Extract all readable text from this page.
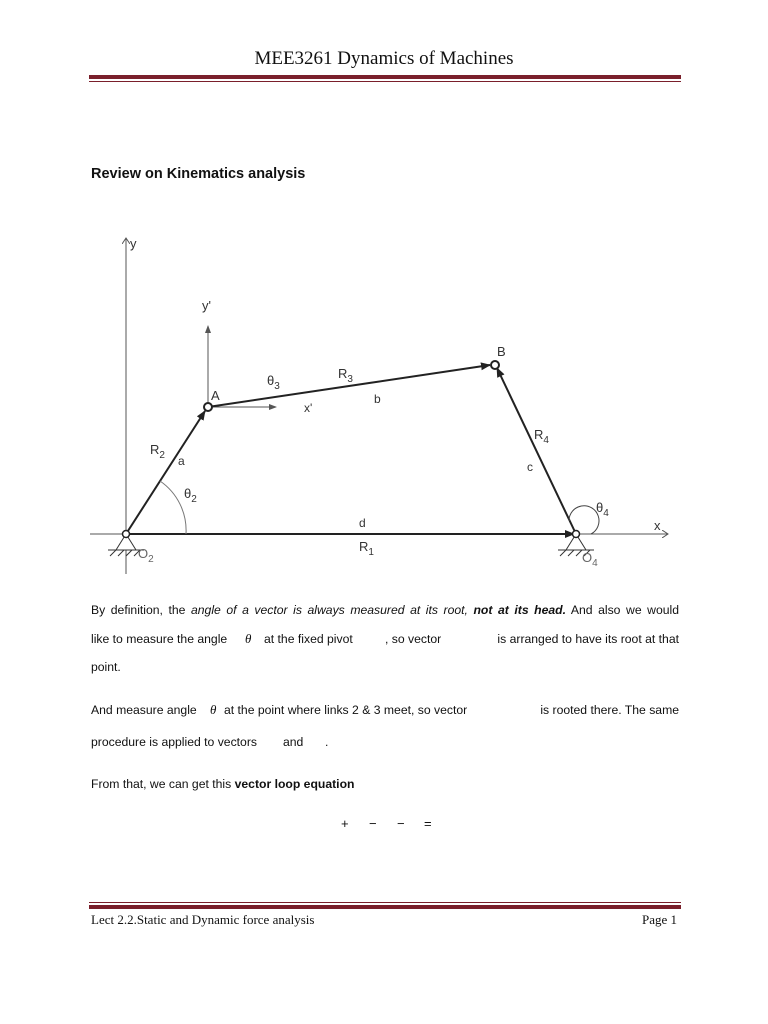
MEE3261 Dynamics of Machines
Review on Kinematics analysis
y
y'
x
x'
A
B
$R_2$
$R_3$
$R_4$
$R_1$
a
b
c
d
$\theta_2$
$\theta_3$
$\theta_4$
$O_2$	$O_4$
By definition, the angle of a vector is always measured at its root, not at its head. And also we would
like to measure the angle θ at the fixed pivot	, so vector	is arranged to have its root at that
point.
And measure angle θ at the point where links 2 & 3 meet, so vector	is rooted there. The same
procedure is applied to vectors and .
From that, we can get this vector loop equation
+ − − =
Lect 2.2.Static and Dynamic force analysis	Page 1
